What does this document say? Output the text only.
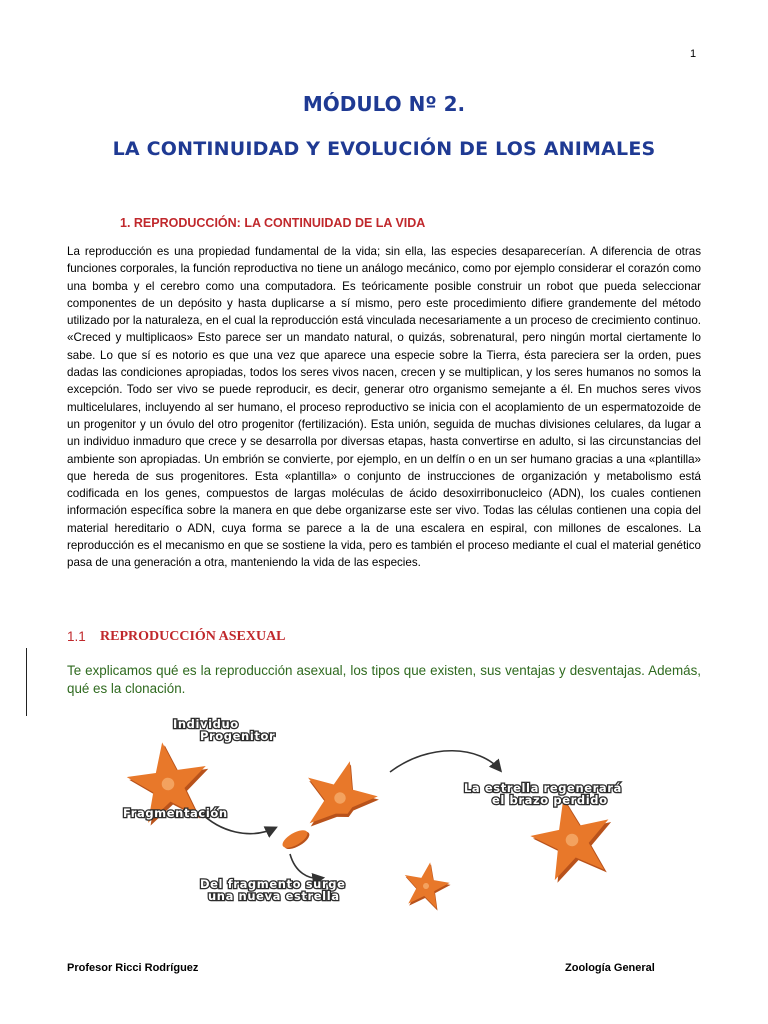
1
MÓDULO Nº 2.
LA CONTINUIDAD Y EVOLUCIÓN DE LOS ANIMALES
1. REPRODUCCIÓN: LA CONTINUIDAD DE LA VIDA

La reproducción es una propiedad fundamental de la vida; sin ella, las especies desaparecerían. A diferencia de otras funciones corporales, la función reproductiva no tiene un análogo mecánico, como por ejemplo considerar el corazón como una bomba y el cerebro como una computadora. Es teóricamente posible construir un robot que pueda seleccionar componentes de un depósito y hasta duplicarse a sí mismo, pero este procedimiento difiere grandemente del método utilizado por la naturaleza, en el cual la reproducción está vinculada necesariamente a un proceso de crecimiento continuo. «Creced y multiplicaos» Esto parece ser un mandato natural, o quizás, sobrenatural, pero ningún mortal ciertamente lo sabe. Lo que sí es notorio es que una vez que aparece una especie sobre la Tierra, ésta pareciera ser la orden, pues dadas las condiciones apropiadas, todos los seres vivos nacen, crecen y se multiplican, y los seres humanos no somos la excepción. Todo ser vivo se puede reproducir, es decir, generar otro organismo semejante a él. En muchos seres vivos multicelulares, incluyendo al ser humano, el proceso reproductivo se inicia con el acoplamiento de un espermatozoide de un progenitor y un óvulo del otro progenitor (fertilización). Esta unión, seguida de muchas divisiones celulares, da lugar a un individuo inmaduro que crece y se desarrolla por diversas etapas, hasta convertirse en adulto, si las circunstancias del ambiente son apropiadas. Un embrión se convierte, por ejemplo, en un delfín o en un ser humano gracias a una «plantilla» que hereda de sus progenitores. Esta «plantilla» o conjunto de instrucciones de organización y metabolismo está codificada en los genes, compuestos de largas moléculas de ácido desoxirribonucleico (ADN), los cuales contienen información específica sobre la manera en que debe organizarse este ser vivo. Todas las células contienen una copia del material hereditario o ADN, cuya forma se parece a la de una escalera en espiral, con millones de escalones. La reproducción es el mecanismo en que se sostiene la vida, pero es también el proceso mediante el cual el material genético pasa de una generación a otra, manteniendo la vida de las especies.

1.1 REPRODUCCIÓN ASEXUAL

Te explicamos qué es la reproducción asexual, los tipos que existen, sus ventajas y desventajas. Además, qué es la clonación.

Individuo
Progenitor
Fragmentación
La estrella regenerará
el brazo perdido
Del fragmento surge
una nueva estrella
Profesor Ricci Rodríguez	Zoología General
